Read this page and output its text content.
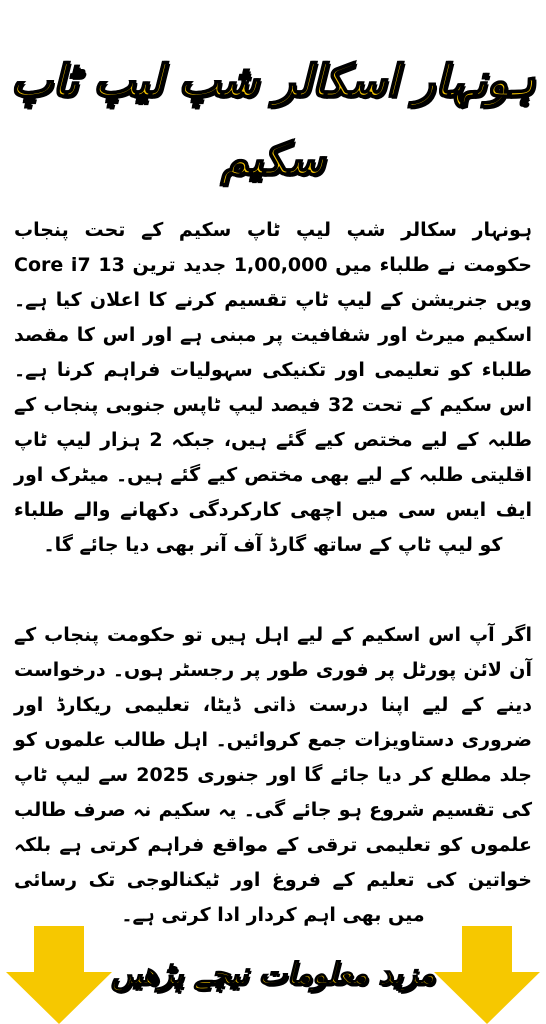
ہونہار اسکالر شپ لیپ ٹاپ
سکیم
ہونہار سکالر شپ لیپ ٹاپ سکیم کے تحت پنجاب حکومت نے طلباء میں 1,00,000 جدید ترین 13 Core i7 ویں جنریشن کے لیپ ٹاپ تقسیم کرنے کا اعلان کیا ہے۔ اسکیم میرٹ اور شفافیت پر مبنی ہے اور اس کا مقصد طلباء کو تعلیمی اور تکنیکی سہولیات فراہم کرنا ہے۔ اس سکیم کے تحت 32 فیصد لیپ ٹاپس جنوبی پنجاب کے طلبہ کے لیے مختص کیے گئے ہیں، جبکہ 2 ہزار لیپ ٹاپ اقلیتی طلبہ کے لیے بھی مختص کیے گئے ہیں۔ میٹرک اور ایف ایس سی میں اچھی کارکردگی دکھانے والے طلباء کو لیپ ٹاپ کے ساتھ گارڈ آف آنر بھی دیا جائے گا۔
اگر آپ اس اسکیم کے لیے اہل ہیں تو حکومت پنجاب کے آن لائن پورٹل پر فوری طور پر رجسٹر ہوں۔ درخواست دینے کے لیے اپنا درست ذاتی ڈیٹا، تعلیمی ریکارڈ اور ضروری دستاویزات جمع کروائیں۔ اہل طالب علموں کو جلد مطلع کر دیا جائے گا اور جنوری 2025 سے لیپ ٹاپ کی تقسیم شروع ہو جائے گی۔ یہ سکیم نہ صرف طالب علموں کو تعلیمی ترقی کے مواقع فراہم کرتی ہے بلکہ خواتین کی تعلیم کے فروغ اور ٹیکنالوجی تک رسائی میں بھی اہم کردار ادا کرتی ہے۔
مزید معلومات نیچے پڑھیں
